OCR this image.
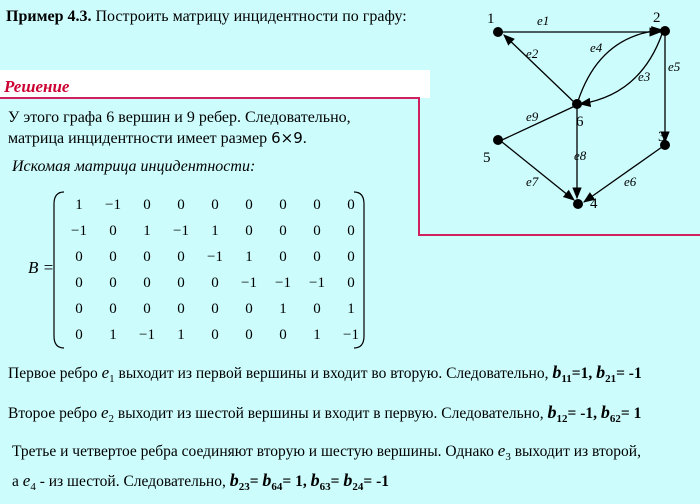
Пример 4.3. Построить матрицу инцидентности по графу:
Решение
1	2
3
4
5
6
e1
e2
e3
e4
e5
e6
e7
e8
e9
У этого графа 6 вершин и 9 ребер. Следовательно,
матрица инцидентности имеет размер 6×9.
Искомая матрица инцидентности:
B =
1	−1	0	0	0	0	0	0	0
−1	0	1	−1	1	0	0	0	0
0	0	0	0	−1	1	0	0	0
0	0	0	0	0	−1	−1	−1	0
0	0	0	0	0	0	1	0	1
0	1	−1	1	0	0	0	1	−1
Первое ребро $e_1$ выходит из первой вершины и входит во вторую. Следовательно, $b_{11}=1$, $b_{21}= -1$
Второе ребро $e_2$ выходит из шестой вершины и входит в первую. Следовательно, $b_{12}= -1$, $b_{62}= 1$
Третье и четвертое ребра соединяют вторую и шестую вершины. Однако $e_3$ выходит из второй,
а $e_4$ - из шестой. Следовательно, $b_{23}= b_{64}= 1$, $b_{63}= b_{24}= -1$
